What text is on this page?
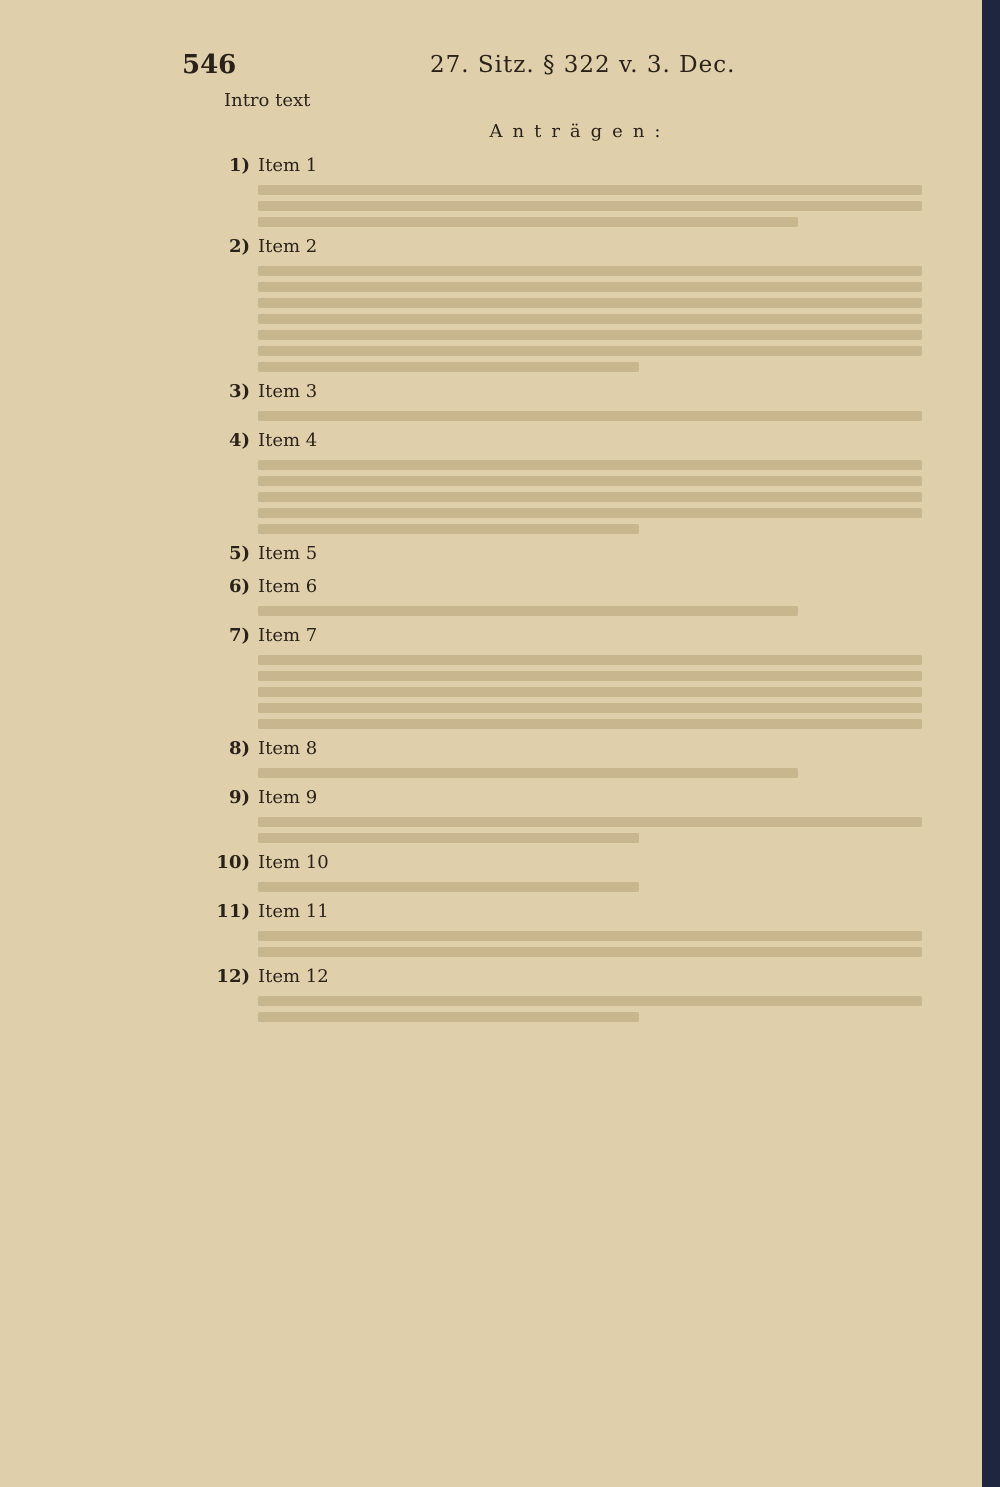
546	27. Sitz. § 322 v. 3. Dec.

Intro text

Anträgen:
1) Item 1
2) Item 2
3) Item 3
4) Item 4
5) Item 5
6) Item 6
7) Item 7
8) Item 8
9) Item 9
10) Item 10
11) Item 11
12) Item 12
